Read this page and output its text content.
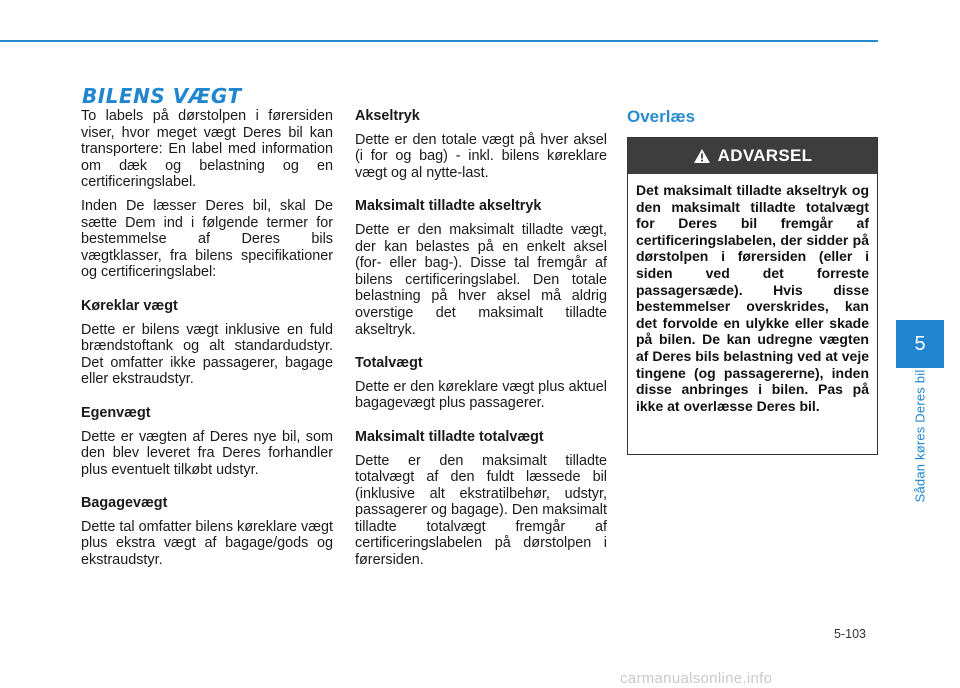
BILENS VÆGT

To labels på dørstolpen i førersiden viser, hvor meget vægt Deres bil kan transportere: En label med information om dæk og belastning og en certificeringslabel.

Inden De læsser Deres bil, skal De sætte Dem ind i følgende termer for bestemmelse af Deres bils vægtklasser, fra bilens specifikationer og certificeringslabel:

Køreklar vægt

Dette er bilens vægt inklusive en fuld brændstoftank og alt standardudstyr. Det omfatter ikke passagerer, bagage eller ekstraudstyr.

Egenvægt

Dette er vægten af Deres nye bil, som den blev leveret fra Deres forhandler plus eventuelt tilkøbt udstyr.

Bagagevægt

Dette tal omfatter bilens køreklare vægt plus ekstra vægt af bagage/gods og ekstraudstyr.

Akseltryk

Dette er den totale vægt på hver aksel (i for og bag) - inkl. bilens køreklare vægt og al nytte-last.

Maksimalt tilladte akseltryk

Dette er den maksimalt tilladte vægt, der kan belastes på en enkelt aksel (for- eller bag-). Disse tal fremgår af bilens certificeringslabel. Den totale belastning på hver aksel må aldrig overstige det maksimalt tilladte akseltryk.

Totalvægt

Dette er den køreklare vægt plus aktuel bagagevægt plus passagerer.

Maksimalt tilladte totalvægt

Dette er den maksimalt tilladte totalvægt af den fuldt læssede bil (inklusive alt ekstratilbehør, udstyr, passagerer og bagage). Den maksimalt tilladte totalvægt fremgår af certificeringslabelen på dørstolpen i førersiden.

Overlæs
ADVARSEL
Det maksimalt tilladte akseltryk og den maksimalt tilladte totalvægt for Deres bil fremgår af certificeringslabelen, der sidder på dørstolpen i førersiden (eller i siden ved det forreste passagersæde). Hvis disse bestemmelser overskrides, kan det forvolde en ulykke eller skade på bilen. De kan udregne vægten af Deres bils belastning ved at veje tingene (og passagererne), inden disse anbringes i bilen. Pas på ikke at overlæsse Deres bil.
5
Sådan køres Deres bil
5-103
carmanualsonline.info
